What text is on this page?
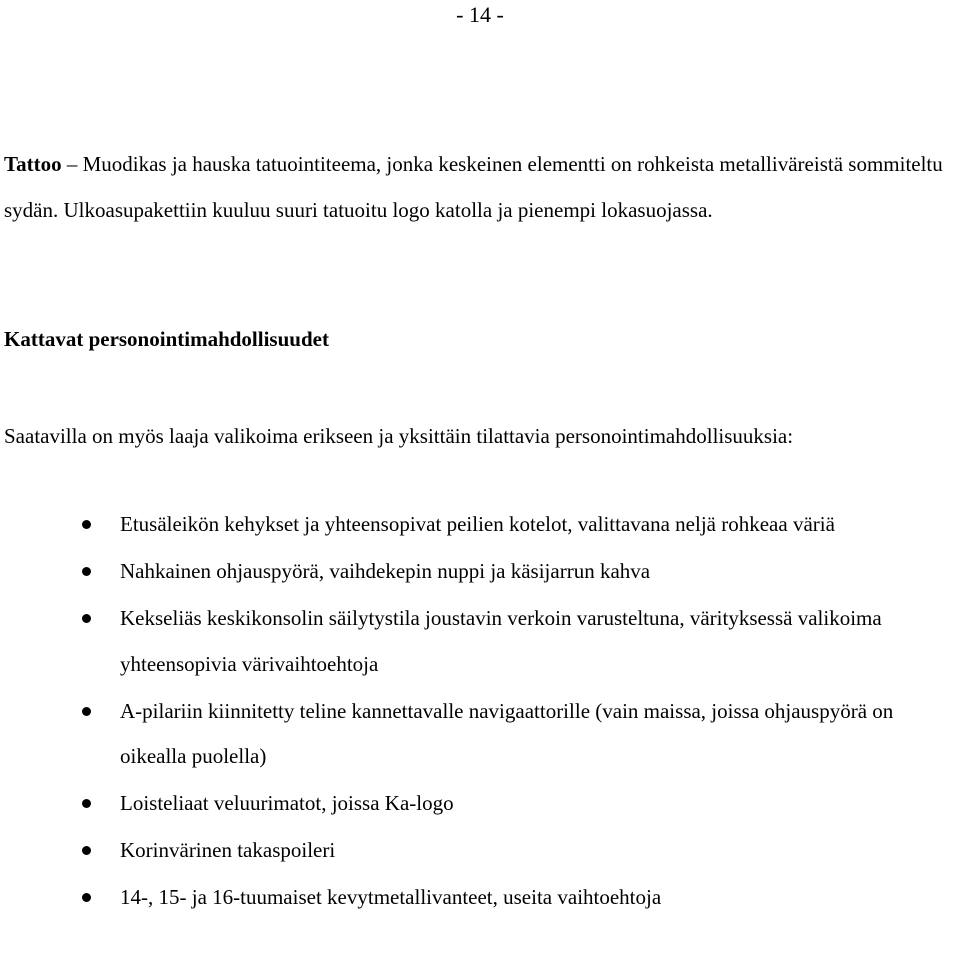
- 14 -
Tattoo – Muodikas ja hauska tatuointiteema, jonka keskeinen elementti on rohkeista metalliväreistä sommiteltu sydän. Ulkoasupakettiin kuuluu suuri tatuoitu logo katolla ja pienempi lokasuojassa.
Kattavat personointimahdollisuudet
Saatavilla on myös laaja valikoima erikseen ja yksittäin tilattavia personointimahdollisuuksia:
Etusäleikön kehykset ja yhteensopivat peilien kotelot, valittavana neljä rohkeaa väriä
Nahkainen ohjauspyörä, vaihdekepin nuppi ja käsijarrun kahva
Kekseliäs keskikonsolin säilytystila joustavin verkoin varusteltuna, värityksessä valikoima yhteensopivia värivaihtoehtoja
A-pilariin kiinnitetty teline kannettavalle navigaattorille (vain maissa, joissa ohjauspyörä on oikealla puolella)
Loisteliaat veluurimatot, joissa Ka-logo
Korinvärinen takaspoileri
14-, 15- ja 16-tuumaiset kevytmetallivanteet, useita vaihtoehtoja
